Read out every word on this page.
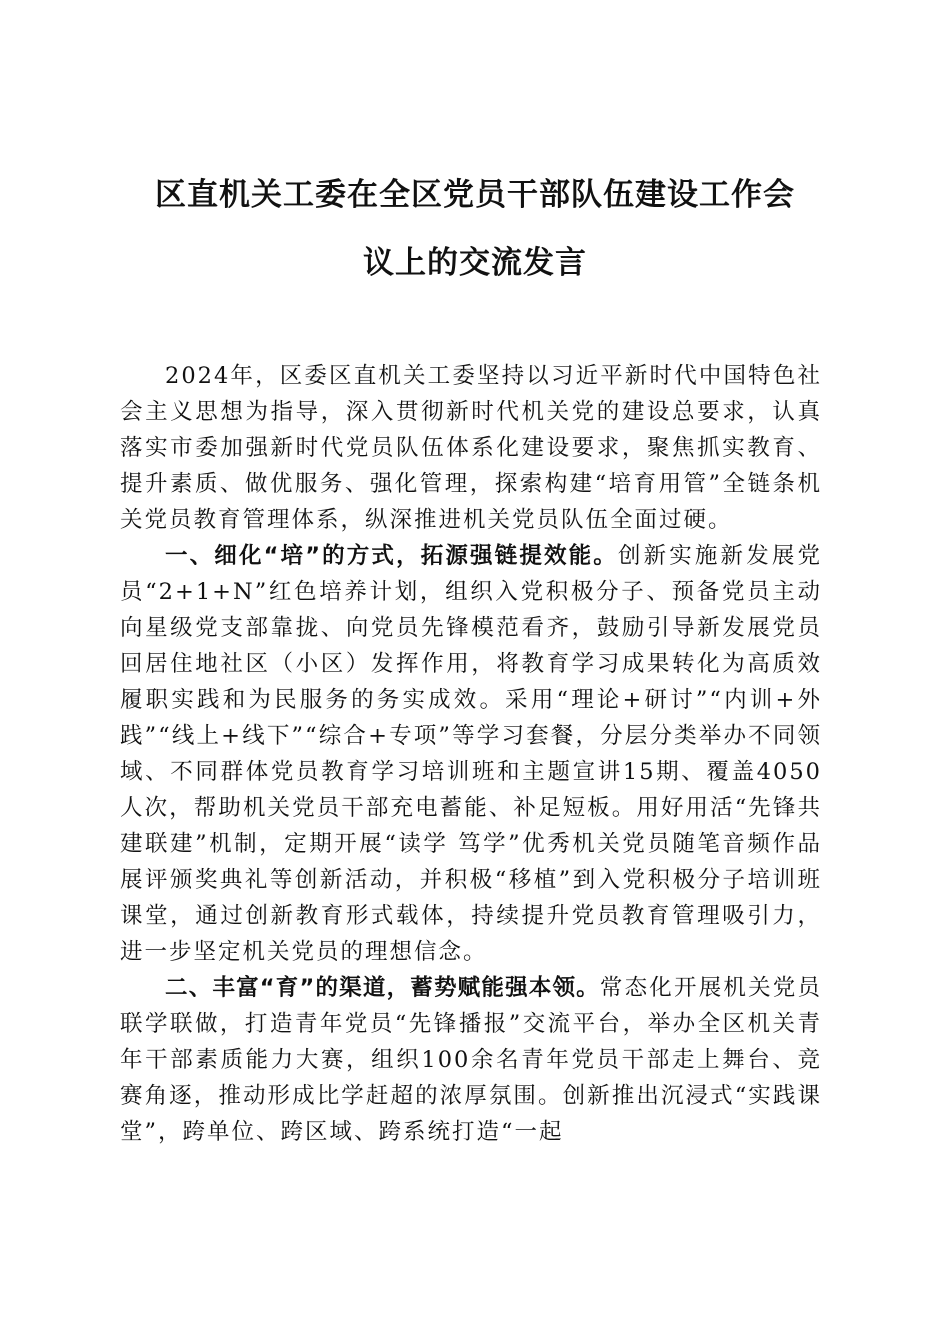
区直机关工委在全区党员干部队伍建设工作会
议上的交流发言

2024年，区委区直机关工委坚持以习近平新时代中国特色社会主义思想为指导，深入贯彻新时代机关党的建设总要求，认真落实市委加强新时代党员队伍体系化建设要求，聚焦抓实教育、提升素质、做优服务、强化管理，探索构建“培育用管”全链条机关党员教育管理体系，纵深推进机关党员队伍全面过硬。

一、细化“培”的方式，拓源强链提效能。创新实施新发展党员“2+1+N”红色培养计划，组织入党积极分子、预备党员主动向星级党支部靠拢、向党员先锋模范看齐，鼓励引导新发展党员回居住地社区（小区）发挥作用，将教育学习成果转化为高质效履职实践和为民服务的务实成效。采用“理论+研讨”“内训+外践”“线上+线下”“综合+专项”等学习套餐，分层分类举办不同领域、不同群体党员教育学习培训班和主题宣讲15期、覆盖4050人次，帮助机关党员干部充电蓄能、补足短板。用好用活“先锋共建联建”机制，定期开展“读学 笃学”优秀机关党员随笔音频作品展评颁奖典礼等创新活动，并积极“移植”到入党积极分子培训班课堂，通过创新教育形式载体，持续提升党员教育管理吸引力，进一步坚定机关党员的理想信念。

二、丰富“育”的渠道，蓄势赋能强本领。常态化开展机关党员联学联做，打造青年党员“先锋播报”交流平台，举办全区机关青年干部素质能力大赛，组织100余名青年党员干部走上舞台、竞赛角逐，推动形成比学赶超的浓厚氛围。创新推出沉浸式“实践课堂”，跨单位、跨区域、跨系统打造“一起
